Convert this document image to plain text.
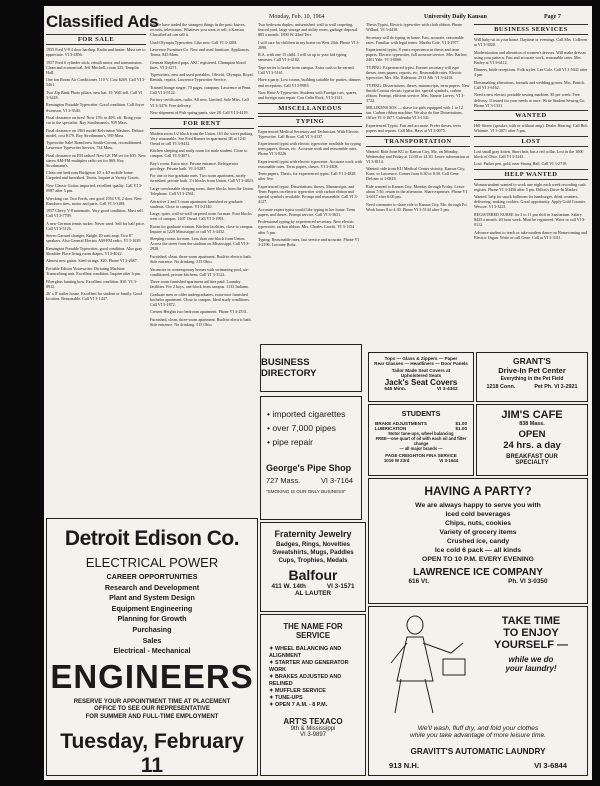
Classified Ads	Monday, Feb. 10, 1964	University Daily Kansan	Page 7
FOR SALE
1955 Ford V-8 4 door hardtop. Radio and heater. Must see to appreciate. VI 3-4856.
1957 Ford 6 cylinder stick, rebuilt motor and transmission. Clean and economical. Jeff Mitchell, room 325, Templin Hall.
One ton Room Air Conditioner. 110 V. Cost $269. Call VI 3-5461.
Two Zip Bank Photo pillars, new bat. 19. Will sell. Call VI 3-3418.
Remington Portable Typewriter. Good condition. Call Joyce Swenson, VI 3-3540.
Final clearance on tires! Now 15% to 40% off. Bring your car to the specialist. Roy Strothmann's, 939 Mass.
Final clearance on 1963 model Kelvinator Washers. Deluxe model, cost $179. Roy Strothmann's, 939 Mass.
Typewriter Sale! Brand new Smith-Corona, reconditioned. Lawrence Typewriter Service, 734 Mass.
Final clearance on FM radios! New GE FM set for $35. New stereo AM-FM multiplex radio set for $69. Roy Strothmann's.
Clean one bedroom Bridgeton 10' x 40' mobile home. Carpeted and furnished. Terms. Inquire at Varsity Courts.
New Classic Guitar, imported, excellent quality. Call VI 3-0987 after 5 pm.
Wrecking car. Two Fords, one good 1954 V8, 2 door. New Ranchero tires, motor and parts. Call VI 3-3188.
1957 Chevy V-8 automatic. Very good condition. Must sell. Call VI 3-7709.
A new German tennis racket. Never used. Sell for half price. Call VI 3-5126.
Stereo Garrard changer, Knight 20 watt amp. Two 8" speakers. Also General Electric AM-FM radio. VI 3-1639.
Remington Portable Typewriter, good condition. Also gray Shoulder Place living room drapes. VI 3-4022.
Almost new guitar. Steel strings. $20. Phone VI 3-2687.
Portable Edison Voicewriter. Dictating Machine. Transcribing unit. Excellent condition. Inquire after 6 pm.
Fiberglass hunting bow. Excellent condition. $10. VI 3-8912.
26' x 8' trailer house. Excellent for student or family. Good location. Reasonable. Call VI 3-1447.
People have traded the strangest things in the past: knives, records, televisions. Whatever you want to sell, a Kansan Classified ad can sell it.
Used Olympia Typewriter. Like new. Call VI 3-1208.
Lawrence Furniture Co. New and used furniture. Appliances. Terms. 845 Mass.
German Shepherd pups. AKC registered. Champion blood lines. VI 3-4271.
Typewriters, new and used portables, Olivetti, Olympia, Royal. Rentals, repairs, Lawrence Typewriter Service.
Trained lounge singer, 70 pages, company. Lawrence at Penn. Call VI 3-9122.
Factory certificates, radio. All new. Limited, Sole Mfrs. Call VI 3-3476. Free delivery.
New shipment of Fish spring pants, size 28. Call VI 3-4419.
FOR RENT
Modern room 1/2 block from the Union. Off the street parking. Very reasonable. See Fred Runser in apartment 1B at 1241 Oread or call VI 3-9432.
Kitchen sleeping and study room for male student. Close to campus. Call VI 3-3071.
Boy's room. Extra nice. Private entrance. Refrigerator privilege. Private bath. VI 3-5287.
For one or two graduate men. Two room apartment, nicely furnished, private bath. 1½ blocks from Union. Call VI 3-4823.
Large comfortable sleeping room, three blocks from the Union. Telephone. Call VI 3-2561.
Attractive 2 and 3 room apartment furnished or graduate students. Close to campus. VI 3-2140.
Large, quiet, wall-to-wall carpeted room for man. Four blocks west of campus. 1407 Oread. Call VI 3-1993.
Room for graduate woman. Kitchen facilities, close to campus. Inquire at 1229 Mississippi or call VI 3-4432.
Sleeping rooms for men. Less than one block from Union. Across the street from the stadium on Mississippi. Call VI 3-2928.
Furnished, clean, three-room apartment. Built-in electric bath. Side entrance. No drinking. 515 Ohio.
Vacancies in contemporary homes with swimming pool, air-conditioned, private kitchens. Call VI 3-3122.
Three room furnished apartment utilities paid. Laundry facilities. For 2 boys, one block from campus. 1133 Indiana.
Graduate men or older undergraduates, extra-nice furnished bachelor apartment. Close to campus. Ideal study conditions. Call VI 3-1872.
Cresent Heights two bedroom apartment. Phone VI 3-2531.
Furnished, clean, three-room apartment. Built-in electric bath. Side entrance. No drinking. 515 Ohio.
Two bedroom duplex, unfurnished, wall to wall carpeting, fenced yard, large storage and utility room, garbage disposal. $85 a month. 1800 W. 22nd Terr.
I will care for children in my home on West 24th. Phone VI 3-2090.
B.A. with one 15 child. I will sit up to your kid typing semester. Call VI 3-4182.
Tape series to broke from campus. Extra cash to be earned. Call VI 3-5161.
Have a party. Low rooms, building suitable for parties, dinners and receptions. Call VI 3-9983.
Now Rent-A-Typewriter. Students with Foreign cars, spares, and foreign auto repair. Con Colin Rack, VI 3-2141.
MISCELLANEOUS
TYPING
Experienced Medical Secretary and Technician. With Electric Typewriter. Call Bruce. Call VI 3-4137.
Experienced typist with electric typewriter available for typing term papers, theses, etc. Accurate work and reasonable rates. Phone VI 3-8226.
Experienced typist with electric typewriter. Accurate work with reasonable rates. Term papers, theses. VI 3-4408.
Term papers, Thesis, for experienced typist. Call VI 3-4828 after five.
Experienced typist. Dissertations, theses, Manuscripts, and Term Papers on electric typewriter with carbon ribbon and special symbols available. Prompt and reasonable. Call VI 3-4127.
Accurate expert typist would like typing in her home. Term papers and theses. Prompt service. Call VI 3-3631.
Professional typing by experienced secretary. New electric typewriter, carbon ribbon. Mrs. Charles Gravitt. VI 3-1154 after 5 pm.
Typing. Reasonable rates, fast service and accurate. Phone VI 3-2196. Lorraine Boltz.
Thesis Typist, Electric typewriter with cloth ribbon. Phone Willard. VI 3-4418.
Secretary will do typing in home. Fast, accurate, reasonable rates. Familiar with legal terms. Martha Cole. VI 3-2977.
Experienced typist, 8 years experience in thesis and term papers. Electric typewriter, full accurate service. Mrs. Barlow, 2401 Yale. VI 3-0066.
TYPING: Experienced typist. Former secretary will type theses, term papers, reports, etc. Reasonable rates. Electric typewriter. Mrs. Mo. Ridenour. 2513 Alb. VI 3-4418.
TYPING: Dissertations, theses, manuscripts, term papers. New Smith-Corona electric typewriter, special symbols, carbon ribbon. Prompt, efficient service. Mrs. Nannie Lavery. VI 3-3722.
MILLIKENS SOS — shave for girls equipped with 1 to 12 ton. Carbon ribbon machine. We also do fine Dissertations. Office VI 3-1677. Calendar VI 3-1541.
Experienced Typist. Fast and accurate. Prefer theses, term papers and reports. Call Mrs. Hays at VI 3-0075.
TRANSPORTATION
Wanted: Ride from KU to Kansas City, Mo. on Monday, Wednesday and Friday at 12:00 or 12:30. Leave information at VI 3-8114.
Wanted: ride from KU Medical Center vicinity, Kansas City, Kans. to Lawrence. Comes from 6:30 to 8:30. Call Gene DeLane at 1-0818.
Ride wanted to Kansas City, Monday through Friday. Leave about 7:30, return in the afternoon. Share expenses. Phone VI 3-6617 after 6:00 pm.
Need commuter to share ride to Kansas City, Mo. through Fri. Work hours 8 to 4:30. Phone VI 3-5144 after 5 pm.
BUSINESS SERVICES
Will baby-sit in your home. Daytime or evenings. Call Mrs. Cofferen at VI 3-3028.
Modernization and alteration of women's dresses. Will make dresses using your pattern. Fast and accurate work, reasonable rates. Mrs. Bailey at VI 3-6412.
Dinners, bride receptions. Folk styles. Lea Cole. Call VI 3-5041 after 4 pm.
Dressmaking alterations, formals and wedding gowns. Mrs. Patrick. Call VI 3-6162.
Need a new electric portable sewing machine. $5 per week. Free delivery. If teased for your needs at once. Write Student Sewing Co. Phone VI 3-1331.
WANTED
Hill-Stereo (speaker, with or without amp). Dealer Hearing. Call Bob Whinnie. VI 3-3071 after 5 pm.
LOST
Lost small gray kitten. Short hair, has a red collar. Lost in the 1000 block of Ohio. Call VI 3-5241.
Lost: Parker pen, gold, near Strong Hall. Call VI 3-2718.
HELP WANTED
Woman student wanted to work one night each week recording cash register. Phone VI 3-3456 after 5 pm. Dillon's Drive-In Market.
Wanted: help for snack ballroom for hamburger, drink counters, delivering, making cookies. Good opportunity. Apply Gold Counter, Wescoe. VI 3-3221.
REGISTERED NURSE for 3 to 11 pm shift in Sanitarium. Salary $425 a month. 40 hour week. Must be registered. Write or call VI 3-0112.
Advance student to teach or take modern dance on Homecoming and Electric Organ. Write or call Gene. Call at VI 3-3311.
BUSINESS DIRECTORY
Detroit Edison Co.
ELECTRICAL POWER
CAREER OPPORTUNITIES
Research and Development
Plant and System Design
Equipment Engineering
Planning for Growth
Purchasing
Sales
Electrical - Mechanical
ENGINEERS
RESERVE YOUR APPOINTMENT TIME AT PLACEMENT
OFFICE TO SEE OUR REPRESENTATIVE
FOR SUMMER AND FULL-TIME EMPLOYMENT
Tuesday, February 11
• imported cigarettes
• over 7,000 pipes
• pipe repair
George's Pipe Shop
727 Mass.	VI 3-7164
"SMOKING IS OUR ONLY BUSINESS"
Fraternity Jewelry
Badges, Rings, Novelties
Sweatshirts, Mugs, Paddles
Cups, Trophies, Medals
Balfour
411 W. 14th	VI 3-1571
AL LAUTER
THE NAME FOR
SERVICE
✦ WHEEL BALANCING AND ALIGNMENT
✦ STARTER AND GENERATOR WORK
✦ BRAKES ADJUSTED AND RELINED
✦ MUFFLER SERVICE
✦ TUNE-UPS
✦ OPEN 7 A.M. - 8 P.M.
ART'S TEXACO
9th & Mississippi
VI 3-9897
Tops — Glass & Zippers — Paper
Rear Glasses — Headliners — Door Panels
Tailor Made Seat Covers at
Upholstered Seats
Jack's Seat Covers
545 Minn.	VI 3-4342
GRANT'S
Drive-In Pet Center
Everything in the Pet Field
1218 Conn.	Pet Ph. VI 3-2921
STUDENTS
BRAKE ADJUSTMENTS	$1.00
LUBRICATION	$1.00
Motor tune-ups, wheel balancing
FREE—one quart of oil with each oil and filter change
— all major brands —
PAGE-CREIGHTON FINA SERVICE
1019 W 23rd	VI 3-1644
JIM'S CAFE
838 Mass.
OPEN
24 hrs. a day
BREAKFAST OUR
SPECIALTY
HAVING A PARTY?
We are always happy to serve you with
Iced cold beverages
Chips, nuts, cookies
Variety of grocery items
Crushed ice, candy
Ice cold 6 pack — all kinds
OPEN TO 10 P.M. EVERY EVENING
LAWRENCE ICE COMPANY
616 Vt.	Ph. VI 3-0350
TAKE TIME
TO ENJOY
YOURSELF —
while we do
your laundry!
We'll wash, fluff dry, and fold your clothes
while you take advantage of more leisure time.
GRAVITT'S AUTOMATIC LAUNDRY
913 N.H.	VI 3-6844
